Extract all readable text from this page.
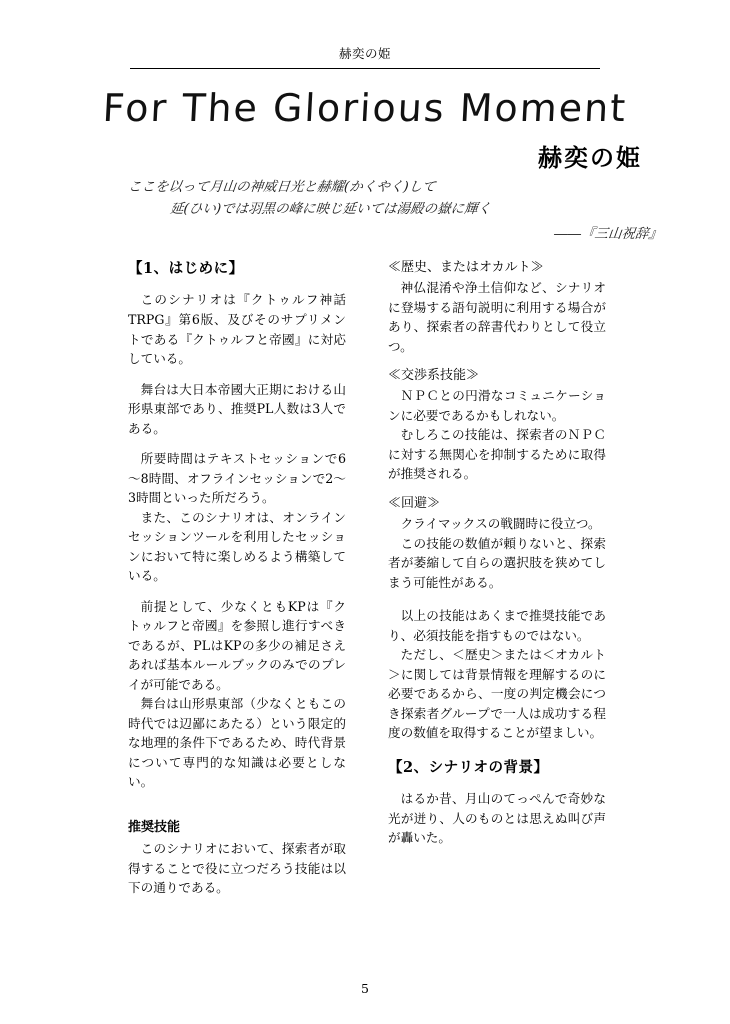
赫奕の姫
For The Glorious Moment
赫奕の姫
ここを以って月山の神威日光と赫耀(かくやく)して
延(ひい)では羽黒の峰に映じ延いては湯殿の嶽に輝く
――『三山祝辞』
【1、はじめに】

このシナリオは『クトゥルフ神話TRPG』第6版、及びそのサプリメントである『クトゥルフと帝國』に対応している。

舞台は大日本帝國大正期における山形県東部であり、推奨PL人数は3人である。

所要時間はテキストセッションで6～8時間、オフラインセッションで2～3時間といった所だろう。

また、このシナリオは、オンラインセッションツールを利用したセッションにおいて特に楽しめるよう構築している。

前提として、少なくともKPは『クトゥルフと帝國』を参照し進行すべきであるが、PLはKPの多少の補足さえあれば基本ルールブックのみでのプレイが可能である。

舞台は山形県東部（少なくともこの時代では辺鄙にあたる）という限定的な地理的条件下であるため、時代背景について専門的な知識は必要としない。

推奨技能

このシナリオにおいて、探索者が取得することで役に立つだろう技能は以下の通りである。

≪歴史、またはオカルト≫

神仏混淆や浄土信仰など、シナリオに登場する語句説明に利用する場合があり、探索者の辞書代わりとして役立つ。

≪交渉系技能≫

ＮＰＣとの円滑なコミュニケーションに必要であるかもしれない。

むしろこの技能は、探索者のＮＰＣに対する無関心を抑制するために取得が推奨される。

≪回避≫

クライマックスの戦闘時に役立つ。

この技能の数値が頼りないと、探索者が萎縮して自らの選択肢を狭めてしまう可能性がある。

以上の技能はあくまで推奨技能であり、必須技能を指すものではない。

ただし、＜歴史＞または＜オカルト＞に関しては背景情報を理解するのに必要であるから、一度の判定機会につき探索者グループで一人は成功する程度の数値を取得することが望ましい。

【2、シナリオの背景】

はるか昔、月山のてっぺんで奇妙な光が迸り、人のものとは思えぬ叫び声が轟いた。

5
